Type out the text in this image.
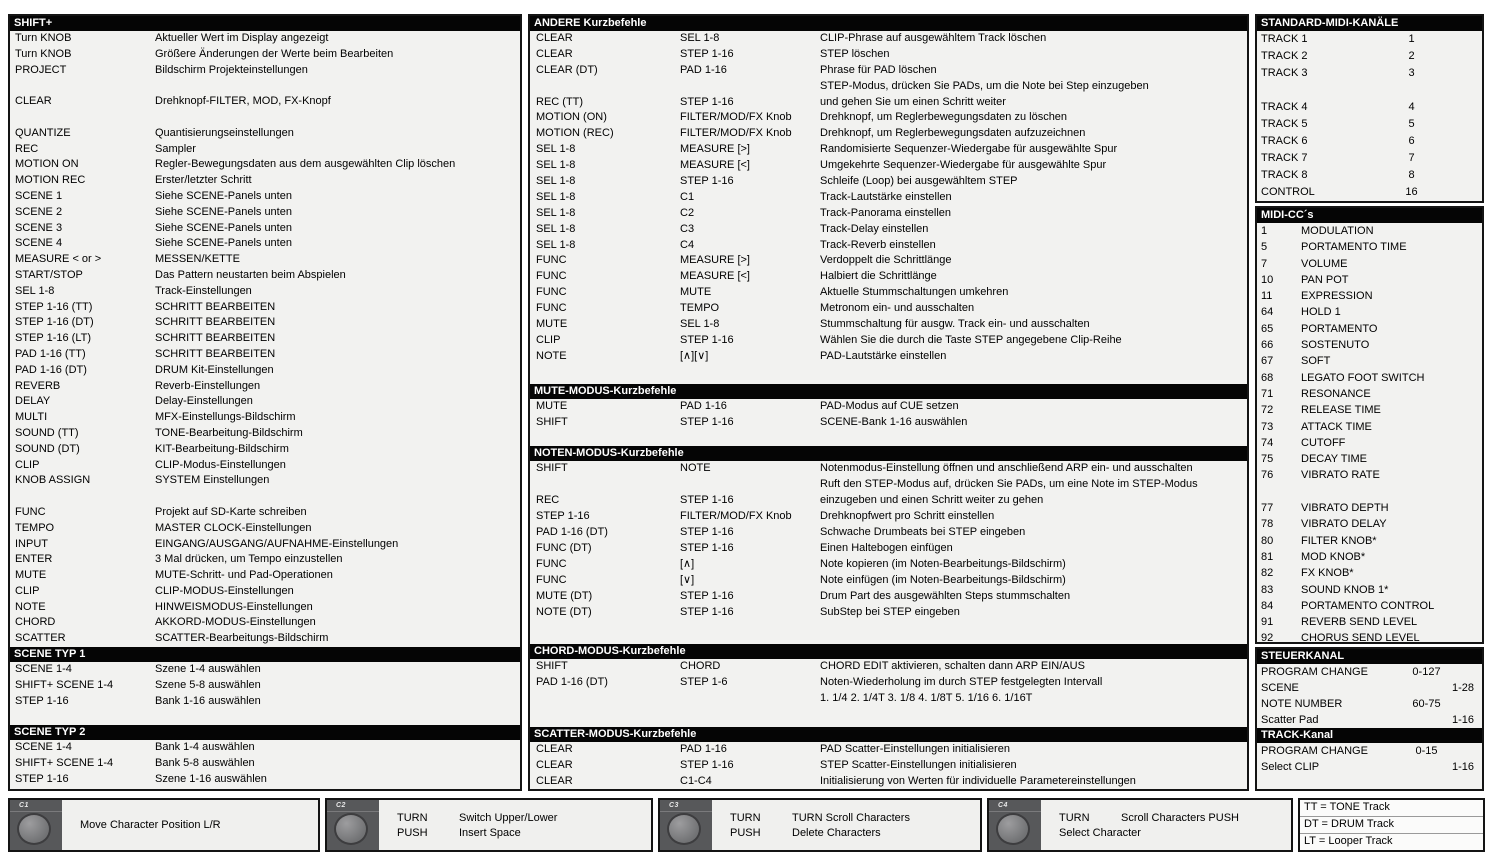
SHIFT+
Turn KNOB	Aktueller Wert im Display angezeigt
Turn KNOB	Größere Änderungen der Werte beim Bearbeiten
PROJECT	Bildschirm Projekteinstellungen
CLEAR	Drehknopf-FILTER, MOD, FX-Knopf
QUANTIZE	Quantisierungseinstellungen
REC	Sampler
MOTION ON	Regler-Bewegungsdaten aus dem ausgewählten Clip löschen
MOTION REC	Erster/letzter Schritt
SCENE 1	Siehe SCENE-Panels unten
SCENE 2	Siehe SCENE-Panels unten
SCENE 3	Siehe SCENE-Panels unten
SCENE 4	Siehe SCENE-Panels unten
MEASURE < or >	MESSEN/KETTE
START/STOP	Das Pattern neustarten beim Abspielen
SEL 1-8	Track-Einstellungen
STEP 1-16 (TT)	SCHRITT BEARBEITEN
STEP 1-16 (DT)	SCHRITT BEARBEITEN
STEP 1-16 (LT)	SCHRITT BEARBEITEN
PAD 1-16 (TT)	SCHRITT BEARBEITEN
PAD 1-16 (DT)	DRUM Kit-Einstellungen
REVERB	Reverb-Einstellungen
DELAY	Delay-Einstellungen
MULTI	MFX-Einstellungs-Bildschirm
SOUND (TT)	TONE-Bearbeitung-Bildschirm
SOUND (DT)	KIT-Bearbeitung-Bildschirm
CLIP	CLIP-Modus-Einstellungen
KNOB ASSIGN	SYSTEM Einstellungen
FUNC	Projekt auf SD-Karte schreiben
TEMPO	MASTER CLOCK-Einstellungen
INPUT	EINGANG/AUSGANG/AUFNAHME-Einstellungen
ENTER	3 Mal drücken, um Tempo einzustellen
MUTE	MUTE-Schritt- und Pad-Operationen
CLIP	CLIP-MODUS-Einstellungen
NOTE	HINWEISMODUS-Einstellungen
CHORD	AKKORD-MODUS-Einstellungen
SCATTER	SCATTER-Bearbeitungs-Bildschirm
SCENE TYP 1
SCENE 1-4	Szene 1-4 auswählen
SHIFT+ SCENE 1-4	Szene 5-8 auswählen
STEP 1-16	Bank 1-16 auswählen
SCENE TYP 2
SCENE 1-4	Bank 1-4 auswählen
SHIFT+ SCENE 1-4	Bank 5-8 auswählen
STEP 1-16	Szene 1-16 auswählen
ANDERE Kurzbefehle
CLEAR	SEL 1-8	CLIP-Phrase auf ausgewähltem Track löschen
CLEAR	STEP 1-16	STEP löschen
CLEAR (DT)	PAD 1-16	Phrase für PAD löschen
STEP-Modus, drücken Sie PADs, um die Note bei Step einzugeben
REC (TT)	STEP 1-16	und gehen Sie um einen Schritt weiter
MOTION (ON)	FILTER/MOD/FX Knob	Drehknopf, um Reglerbewegungsdaten zu löschen
MOTION (REC)	FILTER/MOD/FX Knob	Drehknopf, um Reglerbewegungsdaten aufzuzeichnen
SEL 1-8	MEASURE [>]	Randomisierte Sequenzer-Wiedergabe für ausgewählte Spur
SEL 1-8	MEASURE [<]	Umgekehrte Sequenzer-Wiedergabe für ausgewählte Spur
SEL 1-8	STEP 1-16	Schleife (Loop) bei ausgewähltem STEP
SEL 1-8	C1	Track-Lautstärke einstellen
SEL 1-8	C2	Track-Panorama einstellen
SEL 1-8	C3	Track-Delay einstellen
SEL 1-8	C4	Track-Reverb einstellen
FUNC	MEASURE [>]	Verdoppelt die Schrittlänge
FUNC	MEASURE [<]	Halbiert die Schrittlänge
FUNC	MUTE	Aktuelle Stummschaltungen umkehren
FUNC	TEMPO	Metronom ein- und ausschalten
MUTE	SEL 1-8	Stummschaltung für ausgw. Track ein- und ausschalten
CLIP	STEP 1-16	Wählen Sie die durch die Taste STEP angegebene Clip-Reihe
NOTE	[∧][∨]	PAD-Lautstärke einstellen
MUTE-MODUS-Kurzbefehle
MUTE	PAD 1-16	PAD-Modus auf CUE setzen
SHIFT	STEP 1-16	SCENE-Bank 1-16 auswählen
NOTEN-MODUS-Kurzbefehle
SHIFT	NOTE	Notenmodus-Einstellung öffnen und anschließend ARP ein- und ausschalten
Ruft den STEP-Modus auf, drücken Sie PADs, um eine Note im STEP-Modus
REC	STEP 1-16	einzugeben und einen Schritt weiter zu gehen
STEP 1-16	FILTER/MOD/FX Knob	Drehknopfwert pro Schritt einstellen
PAD 1-16 (DT)	STEP 1-16	Schwache Drumbeats bei STEP eingeben
FUNC (DT)	STEP 1-16	Einen Haltebogen einfügen
FUNC	[∧]	Note kopieren (im Noten-Bearbeitungs-Bildschirm)
FUNC	[∨]	Note einfügen (im Noten-Bearbeitungs-Bildschirm)
MUTE (DT)	STEP 1-16	Drum Part des ausgewählten Steps stummschalten
NOTE (DT)	STEP 1-16	SubStep bei STEP eingeben
CHORD-MODUS-Kurzbefehle
SHIFT	CHORD	CHORD EDIT aktivieren, schalten dann ARP EIN/AUS
PAD 1-16 (DT)	STEP 1-6	Noten-Wiederholung im durch STEP festgelegten Intervall
1. 1/4 2. 1/4T 3. 1/8 4. 1/8T 5. 1/16 6. 1/16T
SCATTER-MODUS-Kurzbefehle
CLEAR	PAD 1-16	PAD Scatter-Einstellungen initialisieren
CLEAR	STEP 1-16	STEP Scatter-Einstellungen initialisieren
CLEAR	C1-C4	Initialisierung von Werten für individuelle Parametereinstellungen
STANDARD-MIDI-KANÄLE
TRACK 1	1
TRACK 2	2
TRACK 3	3
TRACK 4	4
TRACK 5	5
TRACK 6	6
TRACK 7	7
TRACK 8	8
CONTROL	16
MIDI-CC´s
1	MODULATION
5	PORTAMENTO TIME
7	VOLUME
10	PAN POT
11	EXPRESSION
64	HOLD 1
65	PORTAMENTO
66	SOSTENUTO
67	SOFT
68	LEGATO FOOT SWITCH
71	RESONANCE
72	RELEASE TIME
73	ATTACK TIME
74	CUTOFF
75	DECAY TIME
76	VIBRATO RATE
77	VIBRATO DEPTH
78	VIBRATO DELAY
80	FILTER KNOB*
81	MOD KNOB*
82	FX KNOB*
83	SOUND KNOB 1*
84	PORTAMENTO CONTROL
91	REVERB SEND LEVEL
92	CHORUS SEND LEVEL
STEUERKANAL
PROGRAM CHANGE	0-127
SCENE	1-28
NOTE NUMBER	60-75
Scatter Pad	1-16
TRACK-Kanal
PROGRAM CHANGE	0-15
Select CLIP	1-16
C1
Move Character Position L/R
C2
TURN	Switch Upper/Lower
PUSH	Insert Space
C3
TURN	TURN Scroll Characters
PUSH	Delete Characters
C4
TURN	Scroll Characters PUSH
Select Character
TT = TONE Track
DT = DRUM Track
LT = Looper Track
